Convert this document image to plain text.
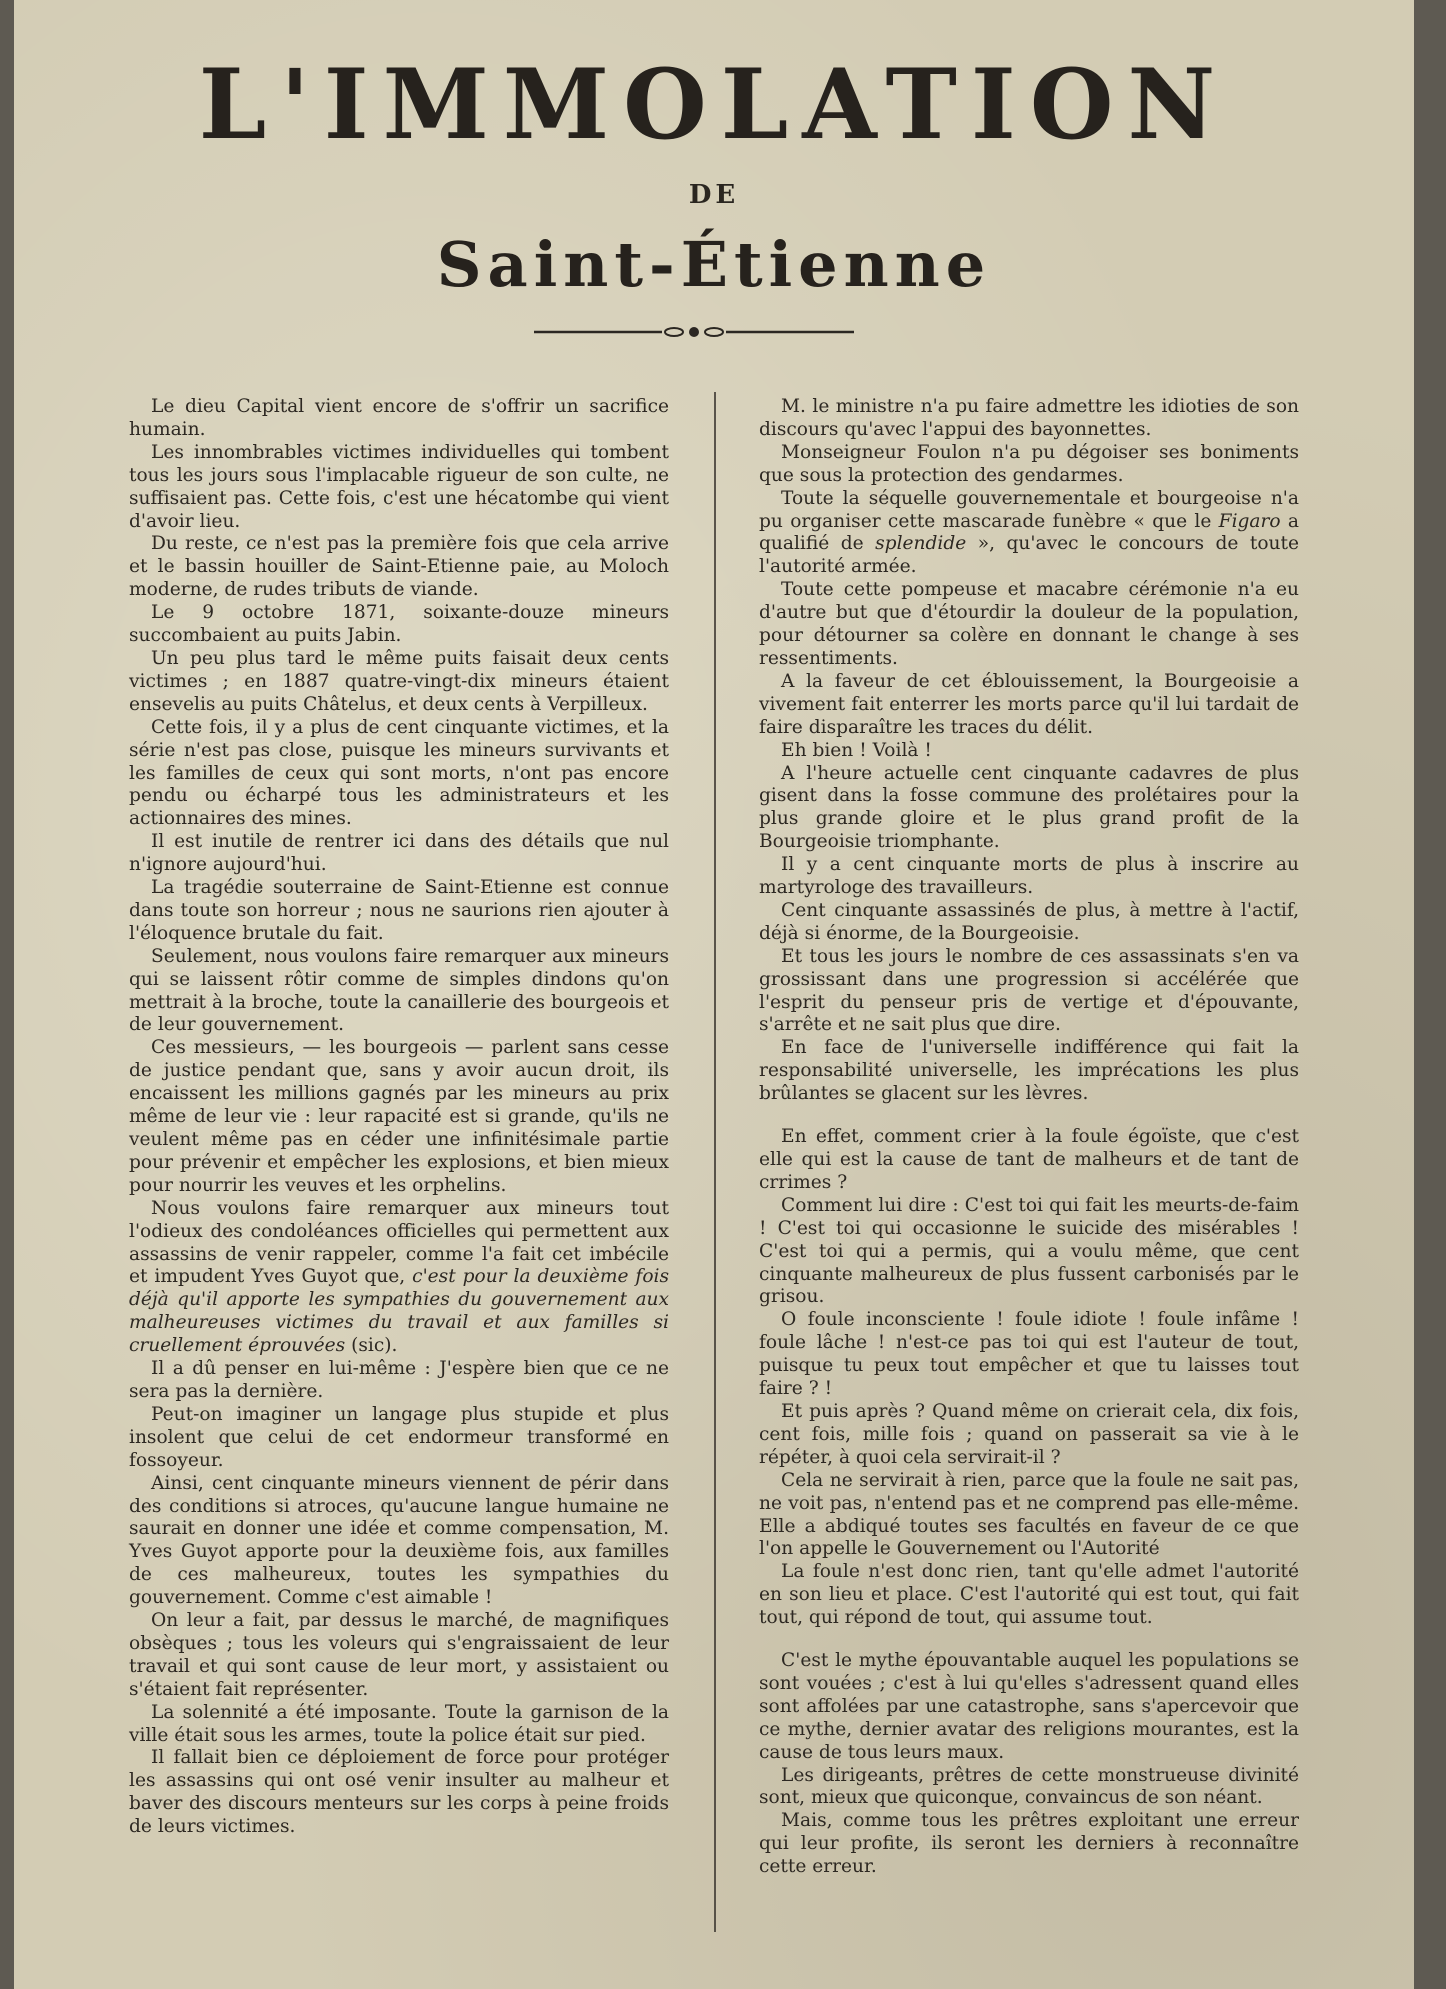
L'IMMOLATION
DE
Saint-Étienne

Le dieu Capital vient encore de s'offrir un sacrifice humain.

Les innombrables victimes individuelles qui tombent tous les jours sous l'implacable rigueur de son culte, ne suffisaient pas. Cette fois, c'est une hécatombe qui vient d'avoir lieu.

Du reste, ce n'est pas la première fois que cela arrive et le bassin houiller de Saint-Etienne paie, au Moloch moderne, de rudes tributs de viande.

Le 9 octobre 1871, soixante-douze mineurs succombaient au puits Jabin.

Un peu plus tard le même puits faisait deux cents victimes ; en 1887 quatre-vingt-dix mineurs étaient ensevelis au puits Châtelus, et deux cents à Verpilleux.

Cette fois, il y a plus de cent cinquante victimes, et la série n'est pas close, puisque les mineurs survivants et les familles de ceux qui sont morts, n'ont pas encore pendu ou écharpé tous les administrateurs et les actionnaires des mines.

Il est inutile de rentrer ici dans des détails que nul n'ignore aujourd'hui.

La tragédie souterraine de Saint-Etienne est connue dans toute son horreur ; nous ne saurions rien ajouter à l'éloquence brutale du fait.

Seulement, nous voulons faire remarquer aux mineurs qui se laissent rôtir comme de simples dindons qu'on mettrait à la broche, toute la canaillerie des bourgeois et de leur gouvernement.

Ces messieurs, — les bourgeois — parlent sans cesse de justice pendant que, sans y avoir aucun droit, ils encaissent les millions gagnés par les mineurs au prix même de leur vie : leur rapacité est si grande, qu'ils ne veulent même pas en céder une infinitésimale partie pour prévenir et empêcher les explosions, et bien mieux pour nourrir les veuves et les orphelins.

Nous voulons faire remarquer aux mineurs tout l'odieux des condoléances officielles qui permettent aux assassins de venir rappeler, comme l'a fait cet imbécile et impudent Yves Guyot que, c'est pour la deuxième fois déjà qu'il apporte les sympathies du gouvernement aux malheureuses victimes du travail et aux familles si cruellement éprouvées (sic).

Il a dû penser en lui-même : J'espère bien que ce ne sera pas la dernière.

Peut-on imaginer un langage plus stupide et plus insolent que celui de cet endormeur transformé en fossoyeur.

Ainsi, cent cinquante mineurs viennent de périr dans des conditions si atroces, qu'aucune langue humaine ne saurait en donner une idée et comme compensation, M. Yves Guyot apporte pour la deuxième fois, aux familles de ces malheureux, toutes les sympathies du gouvernement. Comme c'est aimable !

On leur a fait, par dessus le marché, de magnifiques obsèques ; tous les voleurs qui s'engraissaient de leur travail et qui sont cause de leur mort, y assistaient ou s'étaient fait représenter.

La solennité a été imposante. Toute la garnison de la ville était sous les armes, toute la police était sur pied.

Il fallait bien ce déploiement de force pour protéger les assassins qui ont osé venir insulter au malheur et baver des discours menteurs sur les corps à peine froids de leurs victimes.

M. le ministre n'a pu faire admettre les idioties de son discours qu'avec l'appui des bayonnettes.

Monseigneur Foulon n'a pu dégoiser ses boniments que sous la protection des gendarmes.

Toute la séquelle gouvernementale et bourgeoise n'a pu organiser cette mascarade funèbre « que le Figaro a qualifié de splendide », qu'avec le concours de toute l'autorité armée.

Toute cette pompeuse et macabre cérémonie n'a eu d'autre but que d'étourdir la douleur de la population, pour détourner sa colère en donnant le change à ses ressentiments.

A la faveur de cet éblouissement, la Bourgeoisie a vivement fait enterrer les morts parce qu'il lui tardait de faire disparaître les traces du délit.

Eh bien ! Voilà !

A l'heure actuelle cent cinquante cadavres de plus gisent dans la fosse commune des prolétaires pour la plus grande gloire et le plus grand profit de la Bourgeoisie triomphante.

Il y a cent cinquante morts de plus à inscrire au martyrologe des travailleurs.

Cent cinquante assassinés de plus, à mettre à l'actif, déjà si énorme, de la Bourgeoisie.

Et tous les jours le nombre de ces assassinats s'en va grossissant dans une progression si accélérée que l'esprit du penseur pris de vertige et d'épouvante, s'arrête et ne sait plus que dire.

En face de l'universelle indifférence qui fait la responsabilité universelle, les imprécations les plus brûlantes se glacent sur les lèvres.

En effet, comment crier à la foule égoïste, que c'est elle qui est la cause de tant de malheurs et de tant de crrimes ?

Comment lui dire : C'est toi qui fait les meurts-de-faim ! C'est toi qui occasionne le suicide des misérables ! C'est toi qui a permis, qui a voulu même, que cent cinquante malheureux de plus fussent carbonisés par le grisou.

O foule inconsciente ! foule idiote ! foule infâme ! foule lâche ! n'est-ce pas toi qui est l'auteur de tout, puisque tu peux tout empêcher et que tu laisses tout faire ? !

Et puis après ? Quand même on crierait cela, dix fois, cent fois, mille fois ; quand on passerait sa vie à le répéter, à quoi cela servirait-il ?

Cela ne servirait à rien, parce que la foule ne sait pas, ne voit pas, n'entend pas et ne comprend pas elle-même. Elle a abdiqué toutes ses facultés en faveur de ce que l'on appelle le Gouvernement ou l'Autorité

La foule n'est donc rien, tant qu'elle admet l'autorité en son lieu et place. C'est l'autorité qui est tout, qui fait tout, qui répond de tout, qui assume tout.

C'est le mythe épouvantable auquel les populations se sont vouées ; c'est à lui qu'elles s'adressent quand elles sont affolées par une catastrophe, sans s'apercevoir que ce mythe, dernier avatar des religions mourantes, est la cause de tous leurs maux.

Les dirigeants, prêtres de cette monstrueuse divinité sont, mieux que quiconque, convaincus de son néant.

Mais, comme tous les prêtres exploitant une erreur qui leur profite, ils seront les derniers à reconnaître cette erreur.
